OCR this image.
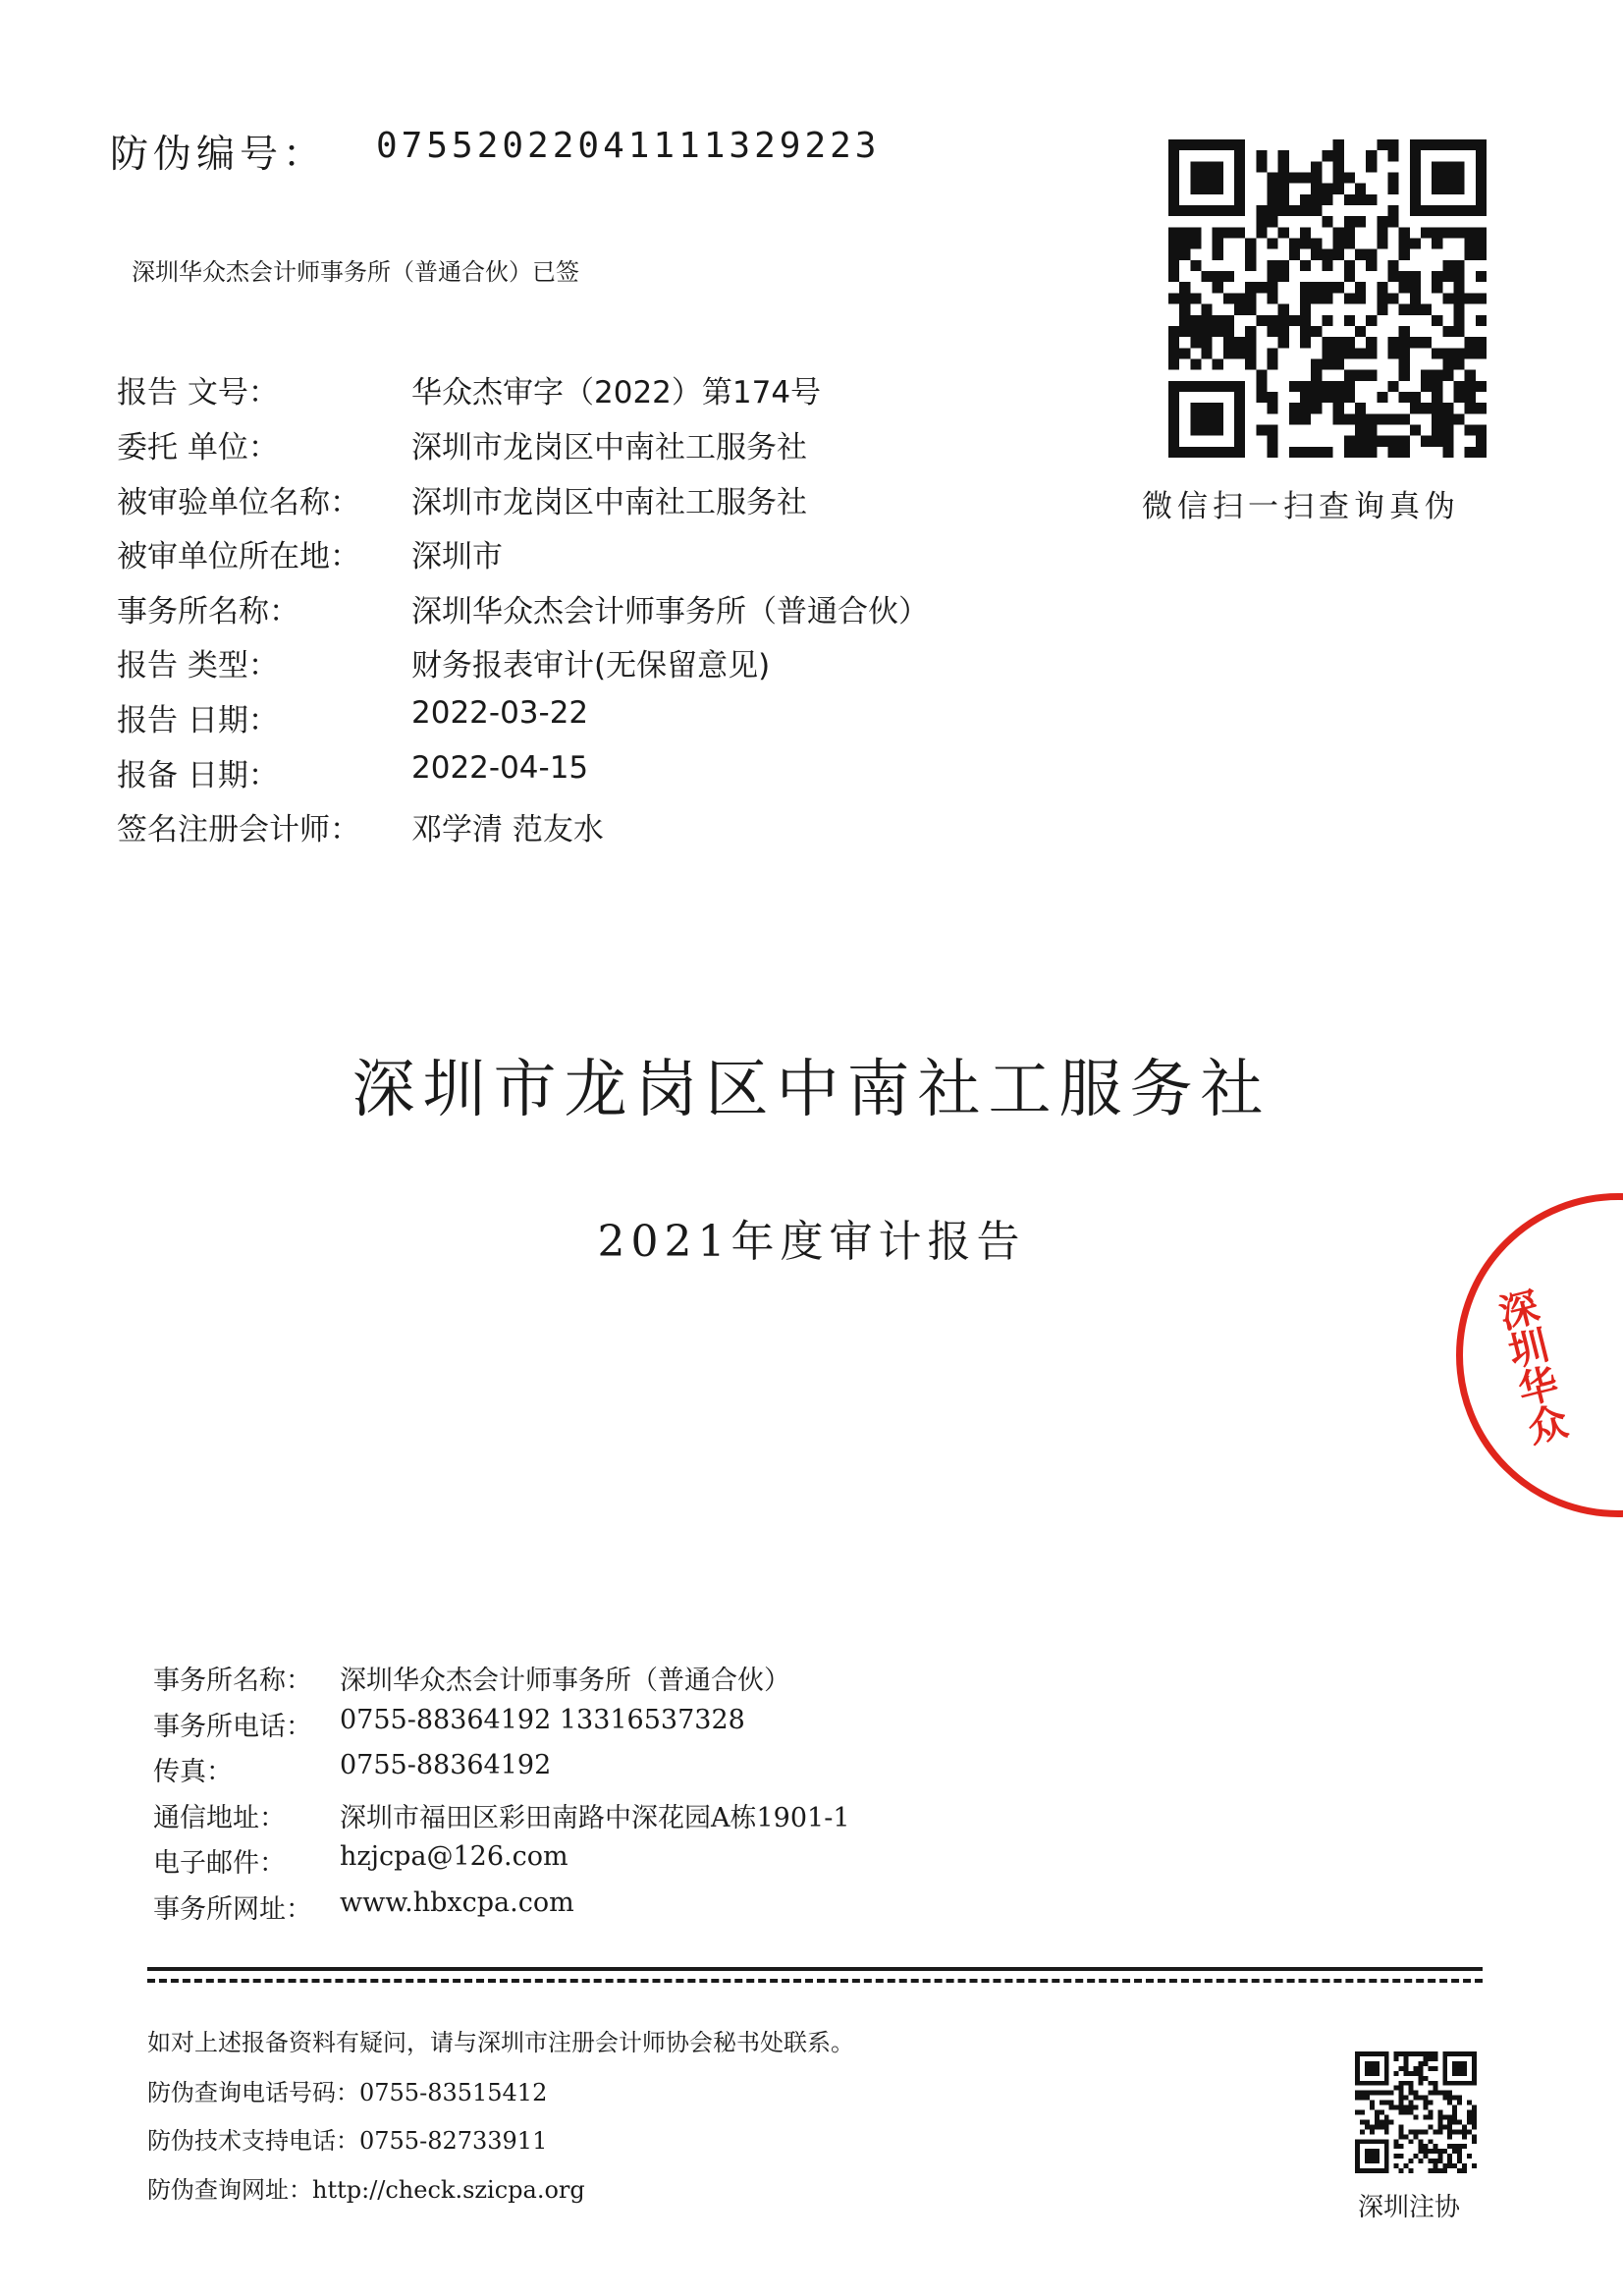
防伪编号： 07552022041111329223
深圳华众杰会计师事务所（普通合伙）已签
微信扫一扫查询真伪
报告 文号：	华众杰审字（2022）第174号
委托 单位：	深圳市龙岗区中南社工服务社
被审验单位名称： 深圳市龙岗区中南社工服务社
被审单位所在地： 深圳市
事务所名称：	深圳华众杰会计师事务所（普通合伙）
报告 类型：	财务报表审计(无保留意见)
报告 日期：	2022-03-22
报备 日期：	2022-04-15
签名注册会计师： 邓学清 范友水
深圳市龙岗区中南社工服务社
2021年度审计报告
深圳华众
事务所名称： 深圳华众杰会计师事务所（普通合伙）
事务所电话： 0755-88364192 13316537328
传真：	0755-88364192
通信地址： 深圳市福田区彩田南路中深花园A栋1901-1
电子邮件： hzjcpa@126.com
事务所网址： www.hbxcpa.com
如对上述报备资料有疑问，请与深圳市注册会计师协会秘书处联系。
防伪查询电话号码：0755-83515412
防伪技术支持电话：0755-82733911
防伪查询网址：http://check.szicpa.org
深圳注协
